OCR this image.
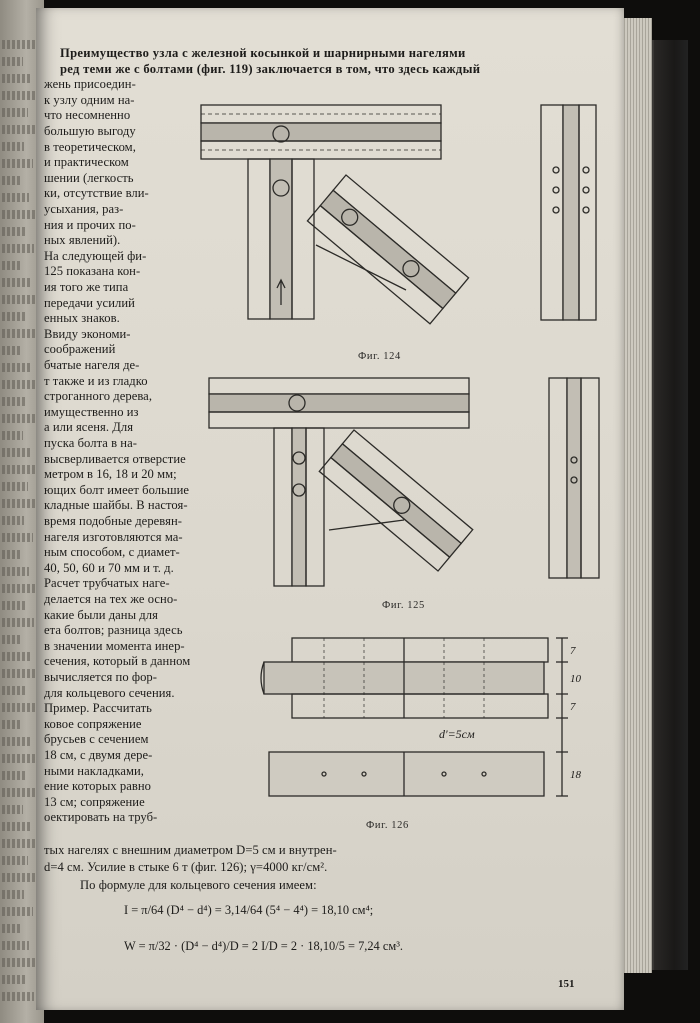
Преимущество узла с железной косынкой и шарнирными нагелями

ред теми же с болтами (фиг. 119) заключается в том, что здесь каждый

жень присоедин-

к узлу одним на-

что несомненно

большую выгоду

в теоретическом,

и практическом

шении (легкость

ки, отсутствие вли-

усыхания, раз-

ния и прочих по-

ных явлений).

На следующей фи-

125 показана кон-

ия того же типа

передачи усилий

енных знаков.

Ввиду экономи-

соображений

бчатые нагеля де-

т также и из гладко

строганного дерева,

имущественно из

а или ясеня. Для

пуска болта в на-

высверливается отверстие

метром в 16, 18 и 20 мм;

ющих болт имеет большие

кладные шайбы. В настоя-

время подобные деревян-

нагеля изготовляются ма-

ным способом, с диамет-

40, 50, 60 и 70 мм и т. д.

Расчет трубчатых наге-

делается на тех же осно-

какие были даны для

ета болтов; разница здесь

в значении момента инер-

сечения, который в данном

вычисляется по фор-

для кольцевого сечения.

Пример. Рассчитать

ковое сопряжение

брусьев с сечением

18 см, с двумя дере-

ными накладками,

ение которых равно

13 см; сопряжение

оектировать на труб-

тых нагелях с внешним диаметром D=5 см и внутрен-

d=4 см. Усилие в стыке 6 т (фиг. 126); γ=4000 кг/см².

По формуле для кольцевого сечения имеем:

Фиг. 124
Фиг. 125
7
10
7
18
d'=5см
Фиг. 126
I = π/64 (D⁴ − d⁴) = 3,14/64 (5⁴ − 4⁴) = 18,10 см⁴;
W = π/32 · (D⁴ − d⁴)/D = 2 I/D = 2 · 18,10/5 = 7,24 см³.
151
